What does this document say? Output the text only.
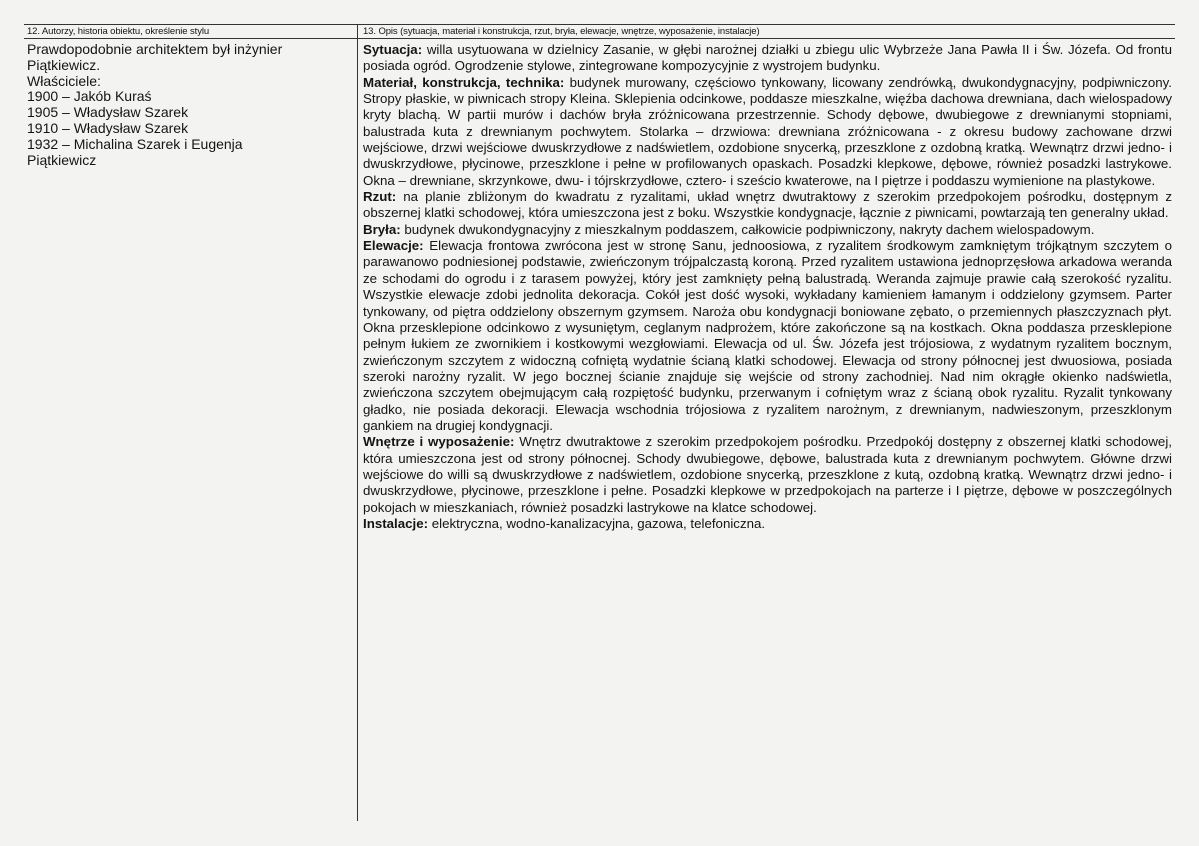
12. Autorzy, historia obiektu, określenie stylu	13. Opis (sytuacja, materiał i konstrukcja, rzut, bryła, elewacje, wnętrze, wyposażenie, instalacje)
Prawdopodobnie architektem był inżynier
Piątkiewicz.
Właściciele:
1900 – Jakób Kuraś
1905 – Władysław Szarek
1910 – Władysław Szarek
1932 – Michalina Szarek i Eugenja
Piątkiewicz

Sytuacja: willa usytuowana w dzielnicy Zasanie, w głębi narożnej działki u zbiegu ulic Wybrzeże Jana Pawła II i Św. Józefa. Od frontu posiada ogród. Ogrodzenie stylowe, zintegrowane kompozycyjnie z wystrojem budynku.

Materiał, konstrukcja, technika: budynek murowany, częściowo tynkowany, licowany zendrówką, dwukondygnacyjny, podpiwniczony. Stropy płaskie, w piwnicach stropy Kleina. Sklepienia odcinkowe, poddasze mieszkalne, więźba dachowa drewniana, dach wielospadowy kryty blachą. W partii murów i dachów bryła zróżnicowana przestrzennie. Schody dębowe, dwubiegowe z drewnianymi stopniami, balustrada kuta z drewnianym pochwytem. Stolarka – drzwiowa: drewniana zróżnicowana - z okresu budowy zachowane drzwi wejściowe, drzwi wejściowe dwuskrzydłowe z nadświetlem, ozdobione snycerką, przeszklone z ozdobną kratką. Wewnątrz drzwi jedno- i dwuskrzydłowe, płycinowe, przeszklone i pełne w profilowanych opaskach. Posadzki klepkowe, dębowe, również posadzki lastrykowe. Okna – drewniane, skrzynkowe, dwu- i tójrskrzydłowe, cztero- i sześcio kwaterowe, na I piętrze i poddaszu wymienione na plastykowe.

Rzut: na planie zbliżonym do kwadratu z ryzalitami, układ wnętrz dwutraktowy z szerokim przedpokojem pośrodku, dostępnym z obszernej klatki schodowej, która umieszczona jest z boku. Wszystkie kondygnacje, łącznie z piwnicami, powtarzają ten generalny układ.

Bryła: budynek dwukondygnacyjny z mieszkalnym poddaszem, całkowicie podpiwniczony, nakryty dachem wielospadowym.

Elewacje: Elewacja frontowa zwrócona jest w stronę Sanu, jednoosiowa, z ryzalitem środkowym zamkniętym trójkątnym szczytem o parawanowo podniesionej podstawie, zwieńczonym trójpalczastą koroną. Przed ryzalitem ustawiona jednoprzęsłowa arkadowa weranda ze schodami do ogrodu i z tarasem powyżej, który jest zamknięty pełną balustradą. Weranda zajmuje prawie całą szerokość ryzalitu. Wszystkie elewacje zdobi jednolita dekoracja. Cokół jest dość wysoki, wykładany kamieniem łamanym i oddzielony gzymsem. Parter tynkowany, od piętra oddzielony obszernym gzymsem. Naroża obu kondygnacji boniowane zębato, o przemiennych płaszczyznach płyt. Okna przesklepione odcinkowo z wysuniętym, ceglanym nadprożem, które zakończone są na kostkach. Okna poddasza przesklepione pełnym łukiem ze zwornikiem i kostkowymi wezgłowiami. Elewacja od ul. Św. Józefa jest trójosiowa, z wydatnym ryzalitem bocznym, zwieńczonym szczytem z widoczną cofniętą wydatnie ścianą klatki schodowej. Elewacja od strony północnej jest dwuosiowa, posiada szeroki narożny ryzalit. W jego bocznej ścianie znajduje się wejście od strony zachodniej. Nad nim okrągłe okienko nadświetla, zwieńczona szczytem obejmującym całą rozpiętość budynku, przerwanym i cofniętym wraz z ścianą obok ryzalitu. Ryzalit tynkowany gładko, nie posiada dekoracji. Elewacja wschodnia trójosiowa z ryzalitem narożnym, z drewnianym, nadwieszonym, przeszklonym gankiem na drugiej kondygnacji.

Wnętrze i wyposażenie: Wnętrz dwutraktowe z szerokim przedpokojem pośrodku. Przedpokój dostępny z obszernej klatki schodowej, która umieszczona jest od strony północnej. Schody dwubiegowe, dębowe, balustrada kuta z drewnianym pochwytem. Główne drzwi wejściowe do willi są dwuskrzydłowe z nadświetlem, ozdobione snycerką, przeszklone z kutą, ozdobną kratką. Wewnątrz drzwi jedno- i dwuskrzydłowe, płycinowe, przeszklone i pełne. Posadzki klepkowe w przedpokojach na parterze i I piętrze, dębowe w poszczególnych pokojach w mieszkaniach, również posadzki lastrykowe na klatce schodowej.

Instalacje: elektryczna, wodno-kanalizacyjna, gazowa, telefoniczna.
